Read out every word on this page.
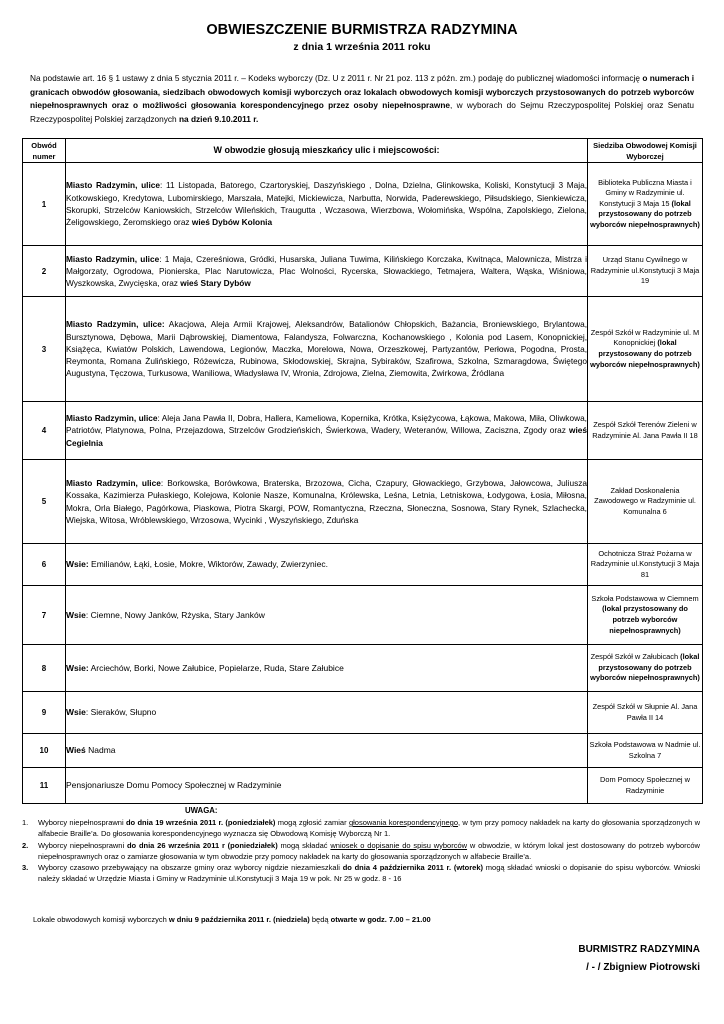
OBWIESZCZENIE BURMISTRZA RADZYMINA
z dnia 1 września 2011 roku
Na podstawie art. 16 § 1 ustawy z dnia 5 stycznia 2011 r. – Kodeks wyborczy (Dz. U z 2011 r. Nr 21 poz. 113 z późn. zm.) podaję do publicznej wiadomości informację o numerach i granicach obwodów głosowania, siedzibach obwodowych komisji wyborczych oraz lokalach obwodowych komisji wyborczych przystosowanych do potrzeb wyborców niepełnosprawnych oraz o możliwości głosowania korespondencyjnego przez osoby niepełnosprawne, w wyborach do Sejmu Rzeczypospolitej Polskiej oraz Senatu Rzeczypospolitej Polskiej zarządzonych na dzień 9.10.2011 r.
Obwód numer	W obwodzie głosują mieszkańcy ulic i miejscowości:	Siedziba Obwodowej Komisji Wyborczej
1	Miasto Radzymin, ulice: 11 Listopada, Batorego, Czartoryskiej, Daszyńskiego , Dolna, Dzielna, Glinkowska, Koliski, Konstytucji 3 Maja, Kotkowskiego, Kredytowa, Lubomirskiego, Marszała, Matejki, Mickiewicza, Narbutta, Norwida, Paderewskiego, Piłsudskiego, Sienkiewicza, Skorupki, Strzelców Kaniowskich, Strzelców Wileńskich, Traugutta , Wczasowa, Wierzbowa, Wołomińska, Wspólna, Zapolskiego, Zielona, Żeligowskiego, Żeromskiego oraz wieś Dybów Kolonia	Biblioteka Publiczna Miasta i Gminy w Radzyminie ul. Konstytucji 3 Maja 15 (lokal przystosowany do potrzeb wyborców niepełnosprawnych)
2	Miasto Radzymin, ulice: 1 Maja, Czereśniowa, Gródki, Husarska, Juliana Tuwima, Kilińskiego Korczaka, Kwitnąca, Malownicza, Mistrza i Małgorzaty, Ogrodowa, Pionierska, Plac Narutowicza, Plac Wolności, Rycerska, Słowackiego, Tetmajera, Waltera, Wąska, Wiśniowa, Wyszkowska, Zwycięska, oraz wieś Stary Dybów	Urząd Stanu Cywilnego w Radzyminie ul.Konstytucji 3 Maja 19
3	Miasto Radzymin, ulice: Akacjowa, Aleja Armii Krajowej, Aleksandrów, Batalionów Chłopskich, Bażancia, Broniewskiego, Brylantowa, Bursztynowa, Dębowa, Marii Dąbrowskiej, Diamentowa, Falandysza, Folwarczna, Kochanowskiego , Kolonia pod Lasem, Konopnickiej, Książęca, Kwiatów Polskich, Lawendowa, Legionów, Maczka, Morelowa, Nowa, Orzeszkowej, Partyzantów, Perłowa, Pogodna, Prosta, Reymonta, Romana Żulińskiego, Różewicza, Rubinowa, Skłodowskiej, Skrajna, Sybiraków, Szafirowa, Szkolna, Szmaragdowa, Świętego Augustyna, Tęczowa, Turkusowa, Waniliowa, Władysława IV, Wronia, Zdrojowa, Zielna, Ziemowita, Żwirkowa, Źródlana	Zespół Szkół w Radzyminie ul. M Konopnickiej (lokal przystosowany do potrzeb wyborców niepełnosprawnych)
4	Miasto Radzymin, ulice: Aleja Jana Pawła II, Dobra, Hallera, Kameliowa, Kopernika, Krótka, Księżycowa, Łąkowa, Makowa, Miła, Oliwkowa, Patriotów, Platynowa, Polna, Przejazdowa, Strzelców Grodzieńskich, Świerkowa, Wadery, Weteranów, Willowa, Zaciszna, Zgody oraz wieś Cegielnia	Zespół Szkół Terenów Zieleni w Radzyminie Al. Jana Pawła II 18
5	Miasto Radzymin, ulice: Borkowska, Borówkowa, Braterska, Brzozowa, Cicha, Czapury, Głowackiego, Grzybowa, Jałowcowa, Juliusza Kossaka, Kazimierza Pułaskiego, Kolejowa, Kolonie Nasze, Komunalna, Królewska, Leśna, Letnia, Letniskowa, Łodygowa, Łosia, Miłosna, Mokra, Orla Białego, Pagórkowa, Piaskowa, Piotra Skargi, POW, Romantyczna, Rzeczna, Słoneczna, Sosnowa, Stary Rynek, Szlachecka, Wiejska, Witosa, Wróblewskiego, Wrzosowa, Wycinki , Wyszyńskiego, Zduńska	Zakład Doskonalenia Zawodowego w Radzyminie ul. Komunalna 6
6	Wsie: Emilianów, Łąki, Łosie, Mokre, Wiktorów, Zawady, Zwierzyniec.	Ochotnicza Straż Pożarna w Radzyminie ul.Konstytucji 3 Maja 81
7	Wsie: Ciemne, Nowy Janków, Rżyska, Stary Janków	Szkoła Podstawowa w Ciemnem (lokal przystosowany do potrzeb wyborców niepełnosprawnych)
8	Wsie: Arciechów, Borki, Nowe Załubice, Popielarze, Ruda, Stare Załubice	Zespół Szkół w Załubicach (lokal przystosowany do potrzeb wyborców niepełnosprawnych)
9	Wsie: Sieraków, Słupno	Zespół Szkół w Słupnie Al. Jana Pawła II 14
10	Wieś Nadma	Szkoła Podstawowa w Nadmie ul. Szkolna 7
11	Pensjonariusze Domu Pomocy Społecznej w Radzyminie	Dom Pomocy Społecznej w Radzyminie
UWAGA:
1.	Wyborcy niepełnosprawni do dnia 19 września 2011 r. (poniedziałek) mogą zgłosić zamiar głosowania korespondencyjnego, w tym przy pomocy nakładek na karty do głosowania sporządzonych w alfabecie Braille’a. Do głosowania korespondencyjnego wyznacza się Obwodową Komisję Wyborczą Nr 1.
2.	Wyborcy niepełnosprawni do dnia 26 września 2011 r (poniedziałek) mogą składać wniosek o dopisanie do spisu wyborców w obwodzie, w którym lokal jest dostosowany do potrzeb wyborców niepełnosprawnych oraz o zamiarze głosowania w tym obwodzie przy pomocy nakładek na karty do głosowania sporządzonych w alfabecie Braille’a.
3.	Wyborcy czasowo przebywający na obszarze gminy oraz wyborcy nigdzie niezamieszkali do dnia 4 października 2011 r. (wtorek) mogą składać wnioski o dopisanie do spisu wyborców. Wnioski należy składać w Urzędzie Miasta i Gminy w Radzyminie ul.Konstytucji 3 Maja 19 w pok. Nr 25 w godz. 8 - 16
Lokale obwodowych komisji wyborczych w dniu 9 października 2011 r. (niedziela) będą otwarte w godz. 7.00 – 21.00
BURMISTRZ RADZYMINA
/ - / Zbigniew Piotrowski
